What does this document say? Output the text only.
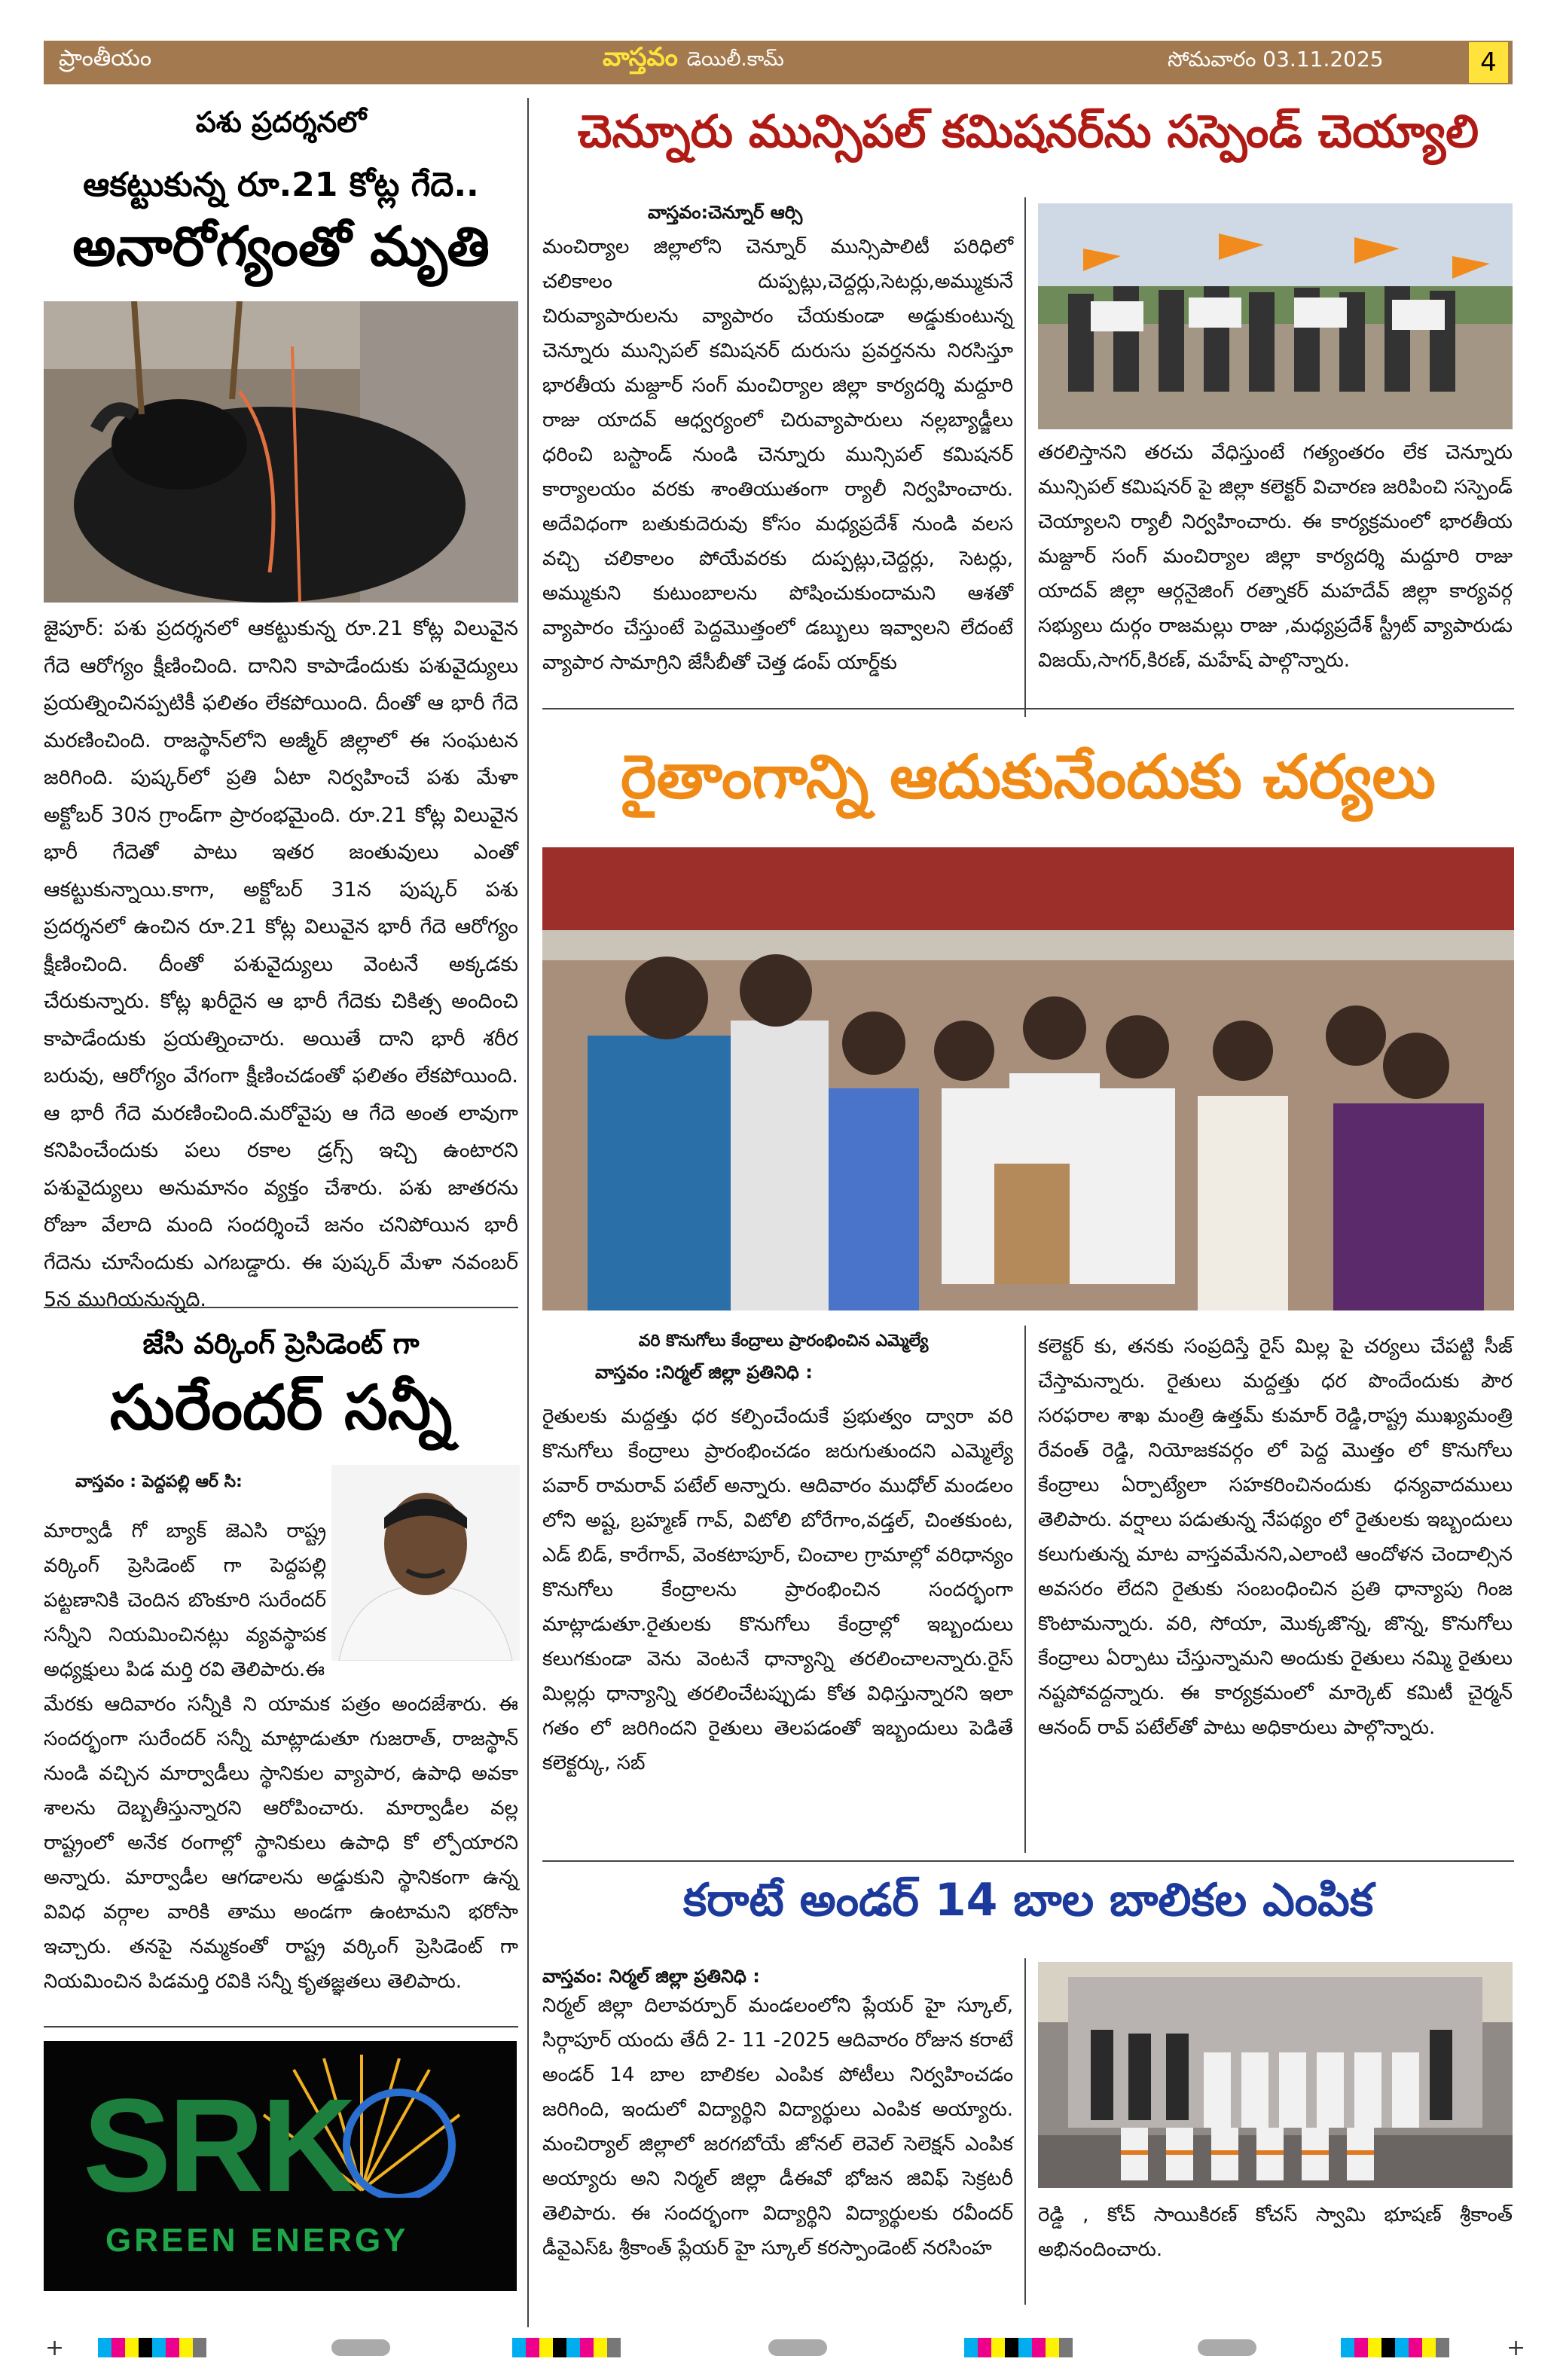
ప్రాంతీయం	వాస్తవం డెయిలీ.కామ్	సోమవారం 03.11.2025	4
పశు ప్రదర్శనలో
ఆకట్టుకున్న రూ.21 కోట్ల గేదె..
అనారోగ్యంతో మృతి
జైపూర్: పశు ప్రదర్శనలో ఆకట్టుకున్న రూ.21 కోట్ల విలువైన గేదె ఆరోగ్యం క్షీణించింది. దానిని కాపాడేందుకు పశువైద్యులు ప్రయత్నించినప్పటికీ ఫలితం లేకపోయింది. దీంతో ఆ భారీ గేదె మరణించింది. రాజస్థాన్‌లోని అజ్మీర్ జిల్లాలో ఈ సంఘటన జరిగింది. పుష్కర్‌లో ప్రతి ఏటా నిర్వహించే పశు మేళా అక్టోబర్ 30న గ్రాండ్‌గా ప్రారంభమైంది. రూ.21 కోట్ల విలువైన భారీ గేదెతో పాటు ఇతర జంతువులు ఎంతో ఆకట్టుకున్నాయి.కాగా, అక్టోబర్ 31న పుష్కర్ పశు ప్రదర్శనలో ఉంచిన రూ.21 కోట్ల విలువైన భారీ గేదె ఆరోగ్యం క్షీణించింది. దీంతో పశువైద్యులు వెంటనే అక్కడకు చేరుకున్నారు. కోట్ల ఖరీదైన ఆ భారీ గేదెకు చికిత్స అందించి కాపాడేందుకు ప్రయత్నించారు. అయితే దాని భారీ శరీర బరువు, ఆరోగ్యం వేగంగా క్షీణించడంతో ఫలితం లేకపోయింది. ఆ భారీ గేదె మరణించింది.మరోవైపు ఆ గేదె అంత లావుగా కనిపించేందుకు పలు రకాల డ్రగ్స్ ఇచ్చి ఉంటారని పశువైద్యులు అనుమానం వ్యక్తం చేశారు. పశు జాతరను రోజూ వేలాది మంది సందర్శించే జనం చనిపోయిన భారీ గేదెను చూసేందుకు ఎగబడ్డారు. ఈ పుష్కర్ మేళా నవంబర్ 5న ముగియనున్నది.
చెన్నూరు మున్సిపల్ కమిషనర్‌ను సస్పెండ్ చెయ్యాలి
వాస్తవం:చెన్నూర్ ఆర్సి
మంచిర్యాల జిల్లాలోని చెన్నూర్ మున్సిపాలిటీ పరిధిలో చలికాలం దుప్పట్లు,చెద్దర్లు,సెటర్లు,అమ్ముకునే చిరువ్యాపారులను వ్యాపారం చేయకుండా అడ్డుకుంటున్న చెన్నూరు మున్సిపల్ కమిషనర్ దురుసు ప్రవర్తనను నిరసిస్తూ భారతీయ మజ్దూర్ సంగ్ మంచిర్యాల జిల్లా కార్యదర్శి మద్దూరి రాజు యాదవ్ ఆధ్వర్యంలో చిరువ్యాపారులు నల్లబ్యాడ్జీలు ధరించి బస్టాండ్ నుండి చెన్నూరు మున్సిపల్ కమిషనర్ కార్యాలయం వరకు శాంతియుతంగా ర్యాలీ నిర్వహించారు. అదేవిధంగా బతుకుదెరువు కోసం మధ్యప్రదేశ్ నుండి వలస వచ్చి చలికాలం పోయేవరకు దుప్పట్లు,చెద్దర్లు, సెటర్లు, అమ్ముకుని కుటుంబాలను పోషించుకుందామని ఆశతో వ్యాపారం చేస్తుంటే పెద్దమొత్తంలో డబ్బులు ఇవ్వాలని లేదంటే వ్యాపార సామాగ్రిని జేసీబీతో చెత్త డంప్ యార్డ్‌కు
తరలిస్తానని తరచు వేధిస్తుంటే గత్యంతరం లేక చెన్నూరు మున్సిపల్ కమిషనర్ పై జిల్లా కలెక్టర్ విచారణ జరిపించి సస్పెండ్ చెయ్యాలని ర్యాలీ నిర్వహించారు. ఈ కార్యక్రమంలో భారతీయ మజ్దూర్ సంగ్ మంచిర్యాల జిల్లా కార్యదర్శి మద్దూరి రాజు యాదవ్ జిల్లా ఆర్గనైజింగ్ రత్నాకర్ మహదేవ్ జిల్లా కార్యవర్గ సభ్యులు దుర్గం రాజమల్లు రాజు ,మధ్యప్రదేశ్ స్ట్రీట్ వ్యాపారుడు విజయ్,సాగర్,కిరణ్, మహేష్ పాల్గొన్నారు.
రైతాంగాన్ని ఆదుకునేందుకు చర్యలు
వరి కొనుగోలు కేంద్రాలు ప్రారంభించిన ఎమ్మెల్యే
వాస్తవం :నిర్మల్ జిల్లా ప్రతినిధి :
రైతులకు మద్దత్తు ధర కల్పించేందుకే ప్రభుత్వం ద్వారా వరి కొనుగోలు కేంద్రాలు ప్రారంభించడం జరుగుతుందని ఎమ్మెల్యే పవార్ రామరావ్ పటేల్ అన్నారు. ఆదివారం ముధోల్ మండలం లోని అష్ట, బ్రహ్మణ్ గావ్, విటోలి బోరేగాం,వడ్తల్, చింతకుంట, ఎడ్ బిడ్, కారేగావ్, వెంకటాపూర్, చించాల గ్రామాల్లో వరిధాన్యం కొనుగోలు కేంద్రాలను ప్రారంభించిన సందర్భంగా మాట్లాడుతూ.రైతులకు కొనుగోలు కేంద్రాల్లో ఇబ్బందులు కలుగకుండా వెను వెంటనే ధాన్యాన్ని తరలించాలన్నారు.రైస్ మిల్లర్లు ధాన్యాన్ని తరలించేటప్పుడు కోత విధిస్తున్నారని ఇలా గతం లో జరిగిందని రైతులు తెలపడంతో ఇబ్బందులు పెడితే కలెక్టర్కు, సబ్
కలెక్టర్ కు, తనకు సంప్రదిస్తే రైస్ మిల్ల పై చర్యలు చేపట్టి సీజ్ చేస్తామన్నారు. రైతులు మద్దత్తు ధర పొందేందుకు పౌర సరఫరాల శాఖ మంత్రి ఉత్తమ్ కుమార్ రెడ్డి,రాష్ట్ర ముఖ్యమంత్రి రేవంత్ రెడ్డి, నియోజకవర్గం లో పెద్ద మొత్తం లో కొనుగోలు కేంద్రాలు ఏర్పాట్యేలా సహకరించినందుకు ధన్యవాదములు తెలిపారు. వర్షాలు పడుతున్న నేపథ్యం లో రైతులకు ఇబ్బందులు కలుగుతున్న మాట వాస్తవమేనని,ఎలాంటి ఆందోళన చెందాల్సిన అవసరం లేదని రైతుకు సంబంధించిన ప్రతి ధాన్యాపు గింజ కొంటామన్నారు. వరి, సోయా, మొక్కజొన్న, జొన్న, కొనుగోలు కేంద్రాలు ఏర్పాటు చేస్తున్నామని అందుకు రైతులు నమ్మి రైతులు నష్టపోవద్దన్నారు. ఈ కార్యక్రమంలో మార్కెట్ కమిటీ చైర్మన్ ఆనంద్ రావ్ పటేల్‌తో పాటు అధికారులు పాల్గొన్నారు.
జేసి వర్కింగ్ ప్రెసిడెంట్ గా
సురేందర్ సన్నీ
వాస్తవం : పెద్దపల్లి ఆర్ సి:
మార్వాడీ గో బ్యాక్ జెఎసి రాష్ట్ర వర్కింగ్ ప్రెసిడెంట్ గా పెద్దపల్లి పట్టణానికి చెందిన బొంకూరి సురేందర్ సన్నీని నియమించినట్లు వ్యవస్థాపక అధ్యక్షులు పిడ మర్తి రవి తెలిపారు.ఈ
మేరకు ఆదివారం సన్నీకి ని యామక పత్రం అందజేశారు. ఈ సందర్భంగా సురేందర్ సన్నీ మాట్లాడుతూ గుజరాత్, రాజస్థాన్ నుండి వచ్చిన మార్వాడీలు స్థానికుల వ్యాపార, ఉపాధి అవకా శాలను దెబ్బతీస్తున్నారని ఆరోపించారు. మార్వాడీల వల్ల రాష్ట్రంలో అనేక రంగాల్లో స్థానికులు ఉపాధి కో ల్పోయారని అన్నారు. మార్వాడీల ఆగడాలను అడ్డుకుని స్థానికంగా ఉన్న వివిధ వర్గాల వారికి తాము అండగా ఉంటామని భరోసా ఇచ్చారు. తనపై నమ్మకంతో రాష్ట్ర వర్కింగ్ ప్రెసిడెంట్ గా నియమించిన పిడమర్తి రవికి సన్నీ కృతజ్ఞతలు తెలిపారు.
కరాటే అండర్ 14 బాల బాలికల ఎంపిక
వాస్తవం: నిర్మల్ జిల్లా ప్రతినిధి :
నిర్మల్ జిల్లా దిలావర్పూర్ మండలంలోని ప్లేయర్ హై స్కూల్, సిర్గాపూర్ యందు తేదీ 2- 11 -2025 ఆదివారం రోజున కరాటే అండర్ 14 బాల బాలికల ఎంపిక పోటీలు నిర్వహించడం జరిగింది, ఇందులో విద్యార్థిని విద్యార్థులు ఎంపిక అయ్యారు. మంచిర్యాల్ జిల్లాలో జరగబోయే జోనల్ లెవెల్ సెలెక్షన్ ఎంపిక అయ్యారు అని నిర్మల్ జిల్లా డీఈవో భోజన జివిఫ్ సెక్రటరీ తెలిపారు. ఈ సందర్భంగా విద్యార్థిని విద్యార్థులకు రవీందర్ డీవైఎస్ఓ శ్రీకాంత్ ప్లేయర్ హై స్కూల్ కరస్పాండెంట్ నరసింహ
రెడ్డి , కోచ్ సాయికిరణ్ కోచస్ స్వామి భూషణ్ శ్రీకాంత్ అభినందించారు.
SRK
GREEN ENERGY
+	+
